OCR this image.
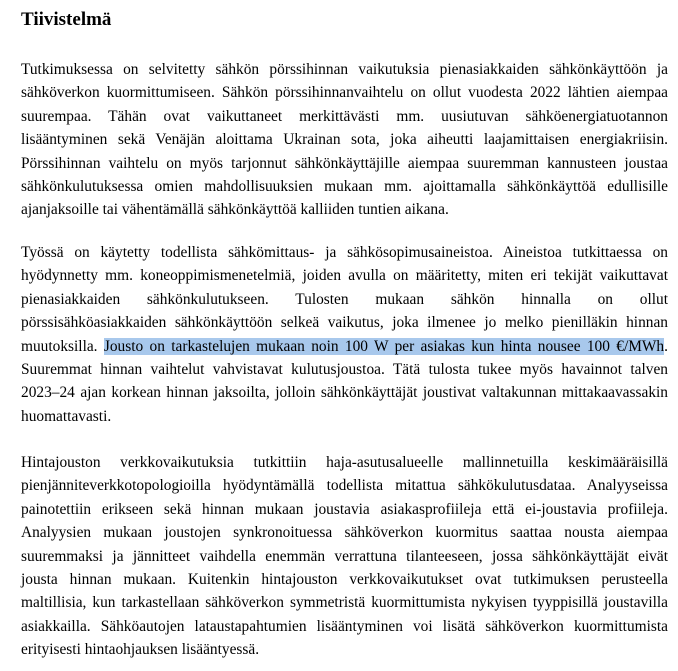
Tiivistelmä
Tutkimuksessa on selvitetty sähkön pörssihinnan vaikutuksia pienasiakkaiden sähkönkäyttöön ja
sähköverkon kuormittumiseen. Sähkön pörssihinnanvaihtelu on ollut vuodesta 2022 lähtien aiempaa
suurempaa. Tähän ovat vaikuttaneet merkittävästi mm. uusiutuvan sähköenergiatuotannon
lisääntyminen sekä Venäjän aloittama Ukrainan sota, joka aiheutti laajamittaisen energiakriisin.
Pörssihinnan vaihtelu on myös tarjonnut sähkönkäyttäjille aiempaa suuremman kannusteen joustaa
sähkönkulutuksessa omien mahdollisuuksien mukaan mm. ajoittamalla sähkönkäyttöä edullisille
ajanjaksoille tai vähentämällä sähkönkäyttöä kalliiden tuntien aikana.
Työssä on käytetty todellista sähkömittaus- ja sähkösopimusaineistoa. Aineistoa tutkittaessa on
hyödynnetty mm. koneoppimismenetelmiä, joiden avulla on määritetty, miten eri tekijät vaikuttavat
pienasiakkaiden sähkönkulutukseen. Tulosten mukaan sähkön hinnalla on ollut
pörssisähköasiakkaiden sähkönkäyttöön selkeä vaikutus, joka ilmenee jo melko pienilläkin hinnan
muutoksilla. Jousto on tarkastelujen mukaan noin 100 W per asiakas kun hinta nousee 100 €/MWh.
Suuremmat hinnan vaihtelut vahvistavat kulutusjoustoa. Tätä tulosta tukee myös havainnot talven
2023–24 ajan korkean hinnan jaksoilta, jolloin sähkönkäyttäjät joustivat valtakunnan mittakaavassakin
huomattavasti.
Hintajouston verkkovaikutuksia tutkittiin haja-asutusalueelle mallinnetuilla keskimääräisillä
pienjänniteverkkotopologioilla hyödyntämällä todellista mitattua sähkökulutusdataa. Analyyseissa
painotettiin erikseen sekä hinnan mukaan joustavia asiakasprofiileja että ei-joustavia profiileja.
Analyysien mukaan joustojen synkronoituessa sähköverkon kuormitus saattaa nousta aiempaa
suuremmaksi ja jännitteet vaihdella enemmän verrattuna tilanteeseen, jossa sähkönkäyttäjät eivät
jousta hinnan mukaan. Kuitenkin hintajouston verkkovaikutukset ovat tutkimuksen perusteella
maltillisia, kun tarkastellaan sähköverkon symmetristä kuormittumista nykyisen tyyppisillä joustavilla
asiakkailla. Sähköautojen lataustapahtumien lisääntyminen voi lisätä sähköverkon kuormittumista
erityisesti hintaohjauksen lisääntyessä.
